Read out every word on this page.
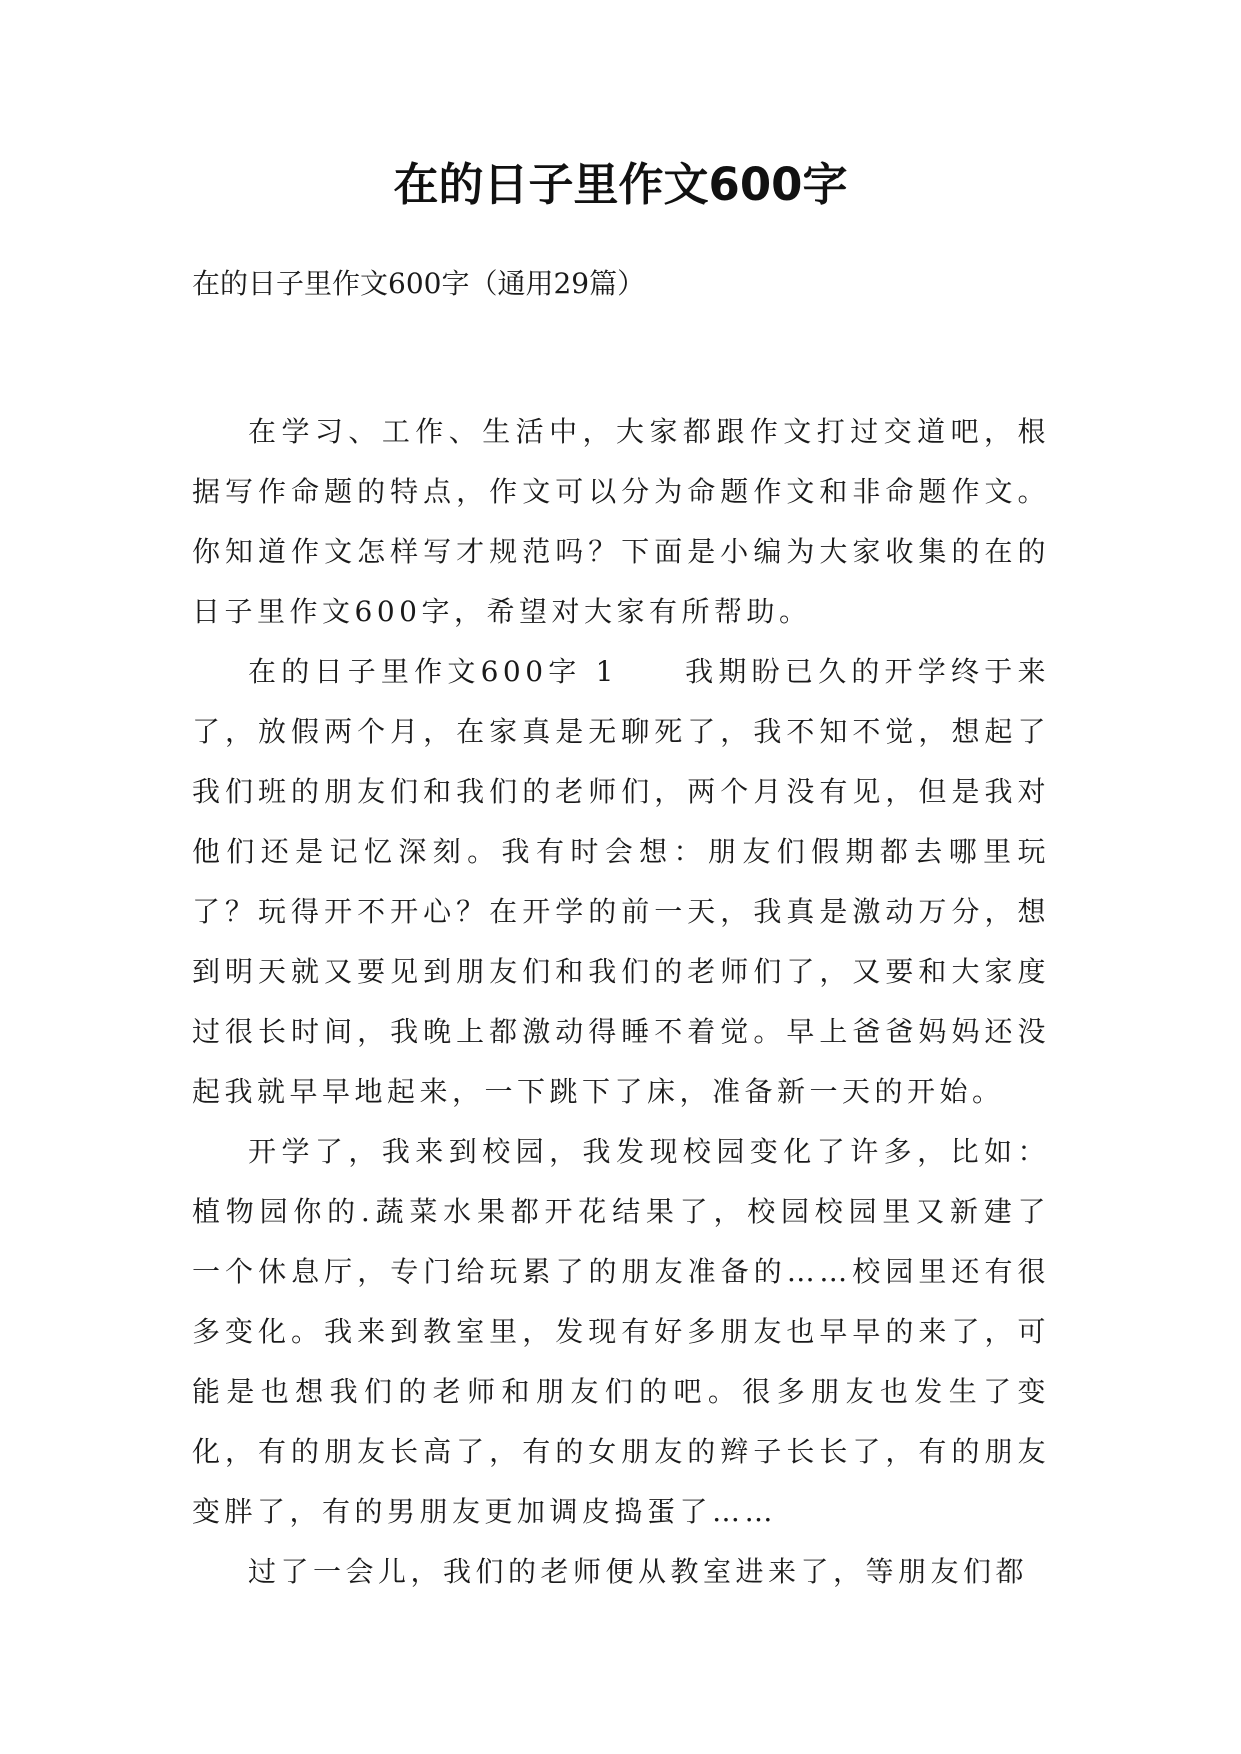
在的日子里作文600字

在的日子里作文600字（通用29篇）

在学习、工作、生活中，大家都跟作文打过交道吧，根据写作命题的特点，作文可以分为命题作文和非命题作文。你知道作文怎样写才规范吗？下面是小编为大家收集的在的日子里作文600字，希望对大家有所帮助。

在的日子里作文600字 1　　我期盼已久的开学终于来了，放假两个月，在家真是无聊死了，我不知不觉，想起了我们班的朋友们和我们的老师们，两个月没有见，但是我对他们还是记忆深刻。我有时会想：朋友们假期都去哪里玩了？玩得开不开心？在开学的前一天，我真是激动万分，想到明天就又要见到朋友们和我们的老师们了，又要和大家度过很长时间，我晚上都激动得睡不着觉。早上爸爸妈妈还没起我就早早地起来，一下跳下了床，准备新一天的开始。

开学了，我来到校园，我发现校园变化了许多，比如：植物园你的.蔬菜水果都开花结果了，校园校园里又新建了一个休息厅，专门给玩累了的朋友准备的……校园里还有很多变化。我来到教室里，发现有好多朋友也早早的来了，可能是也想我们的老师和朋友们的吧。很多朋友也发生了变化，有的朋友长高了，有的女朋友的辫子长长了，有的朋友变胖了，有的男朋友更加调皮捣蛋了……

过了一会儿，我们的老师便从教室进来了，等朋友们都
